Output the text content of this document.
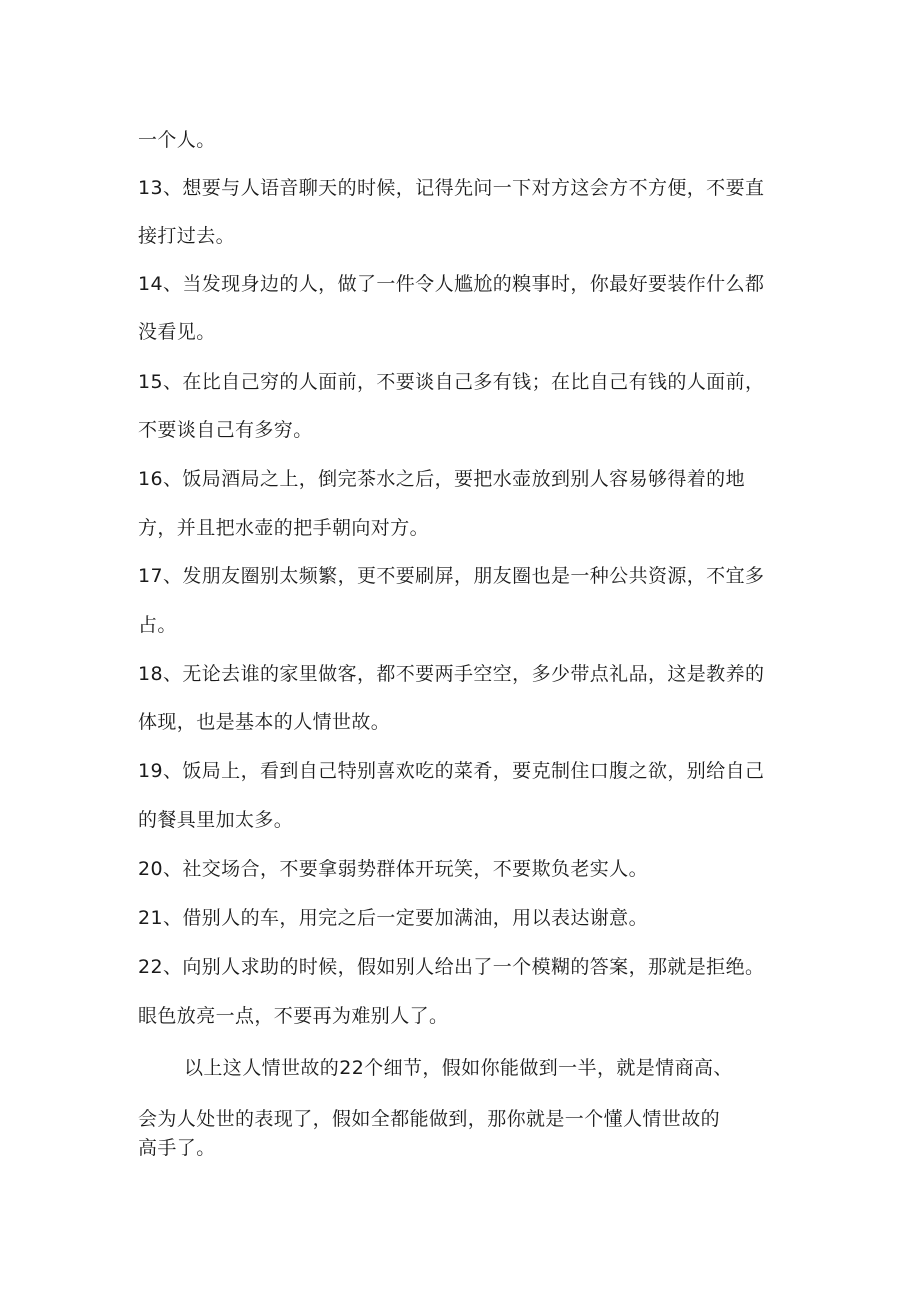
一个人。
13、想要与人语音聊天的时候，记得先问一下对方这会方不方便，不要直
接打过去。
14、当发现身边的人，做了一件令人尴尬的糗事时，你最好要装作什么都
没看见。
15、在比自己穷的人面前，不要谈自己多有钱；在比自己有钱的人面前，
不要谈自己有多穷。
16、饭局酒局之上，倒完茶水之后，要把水壶放到别人容易够得着的地
方，并且把水壶的把手朝向对方。
17、发朋友圈别太频繁，更不要刷屏，朋友圈也是一种公共资源，不宜多
占。
18、无论去谁的家里做客，都不要两手空空，多少带点礼品，这是教养的
体现，也是基本的人情世故。
19、饭局上，看到自己特别喜欢吃的菜肴，要克制住口腹之欲，别给自己
的餐具里加太多。
20、社交场合，不要拿弱势群体开玩笑，不要欺负老实人。
21、借别人的车，用完之后一定要加满油，用以表达谢意。
22、向别人求助的时候，假如别人给出了一个模糊的答案，那就是拒绝。
眼色放亮一点，不要再为难别人了。
以上这人情世故的22个细节，假如你能做到一半，就是情商高、
会为人处世的表现了，假如全都能做到，那你就是一个懂人情世故的
高手了。
